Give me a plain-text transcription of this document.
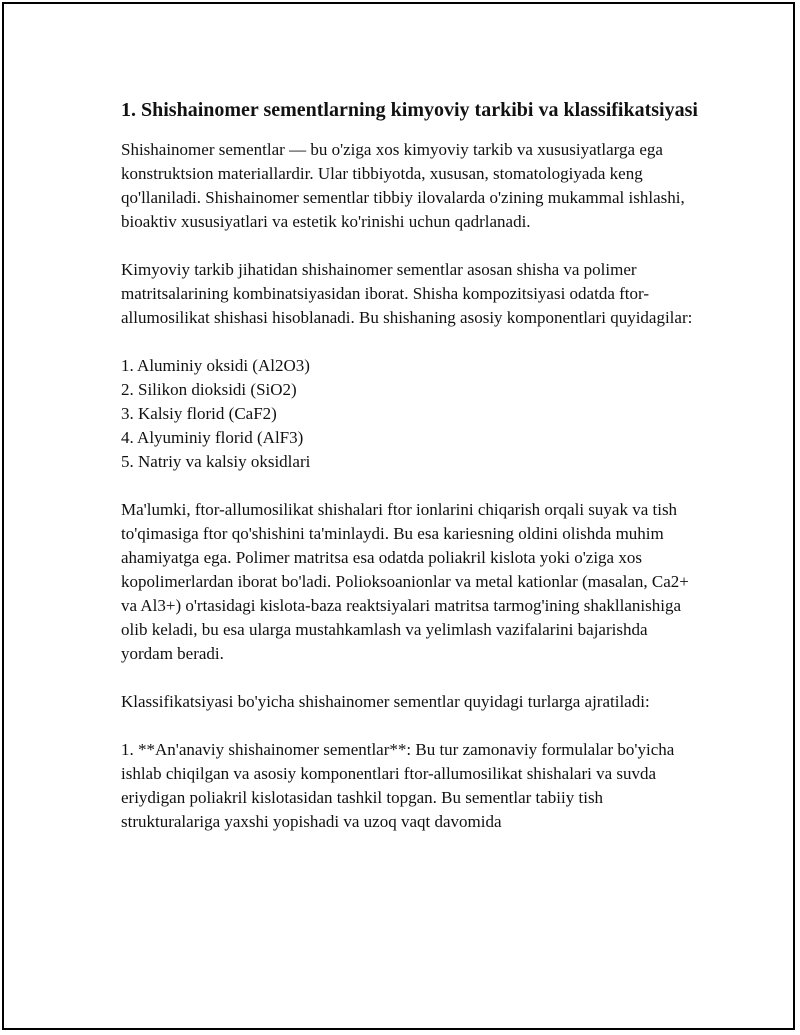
1. Shishainomer sementlarning kimyoviy tarkibi va klassifikatsiyasi

Shishainomer sementlar — bu o'ziga xos kimyoviy tarkib va xususiyatlarga ega konstruktsion materiallardir. Ular tibbiyotda, xususan, stomatologiyada keng qo'llaniladi. Shishainomer sementlar tibbiy ilovalarda o'zining mukammal ishlashi, bioaktiv xususiyatlari va estetik ko'rinishi uchun qadrlanadi.

Kimyoviy tarkib jihatidan shishainomer sementlar asosan shisha va polimer matritsalarining kombinatsiyasidan iborat. Shisha kompozitsiyasi odatda ftor-allumosilikat shishasi hisoblanadi. Bu shishaning asosiy komponentlari quyidagilar:

1. Aluminiy oksidi (Al2O3)
2. Silikon dioksidi (SiO2)
3. Kalsiy florid (CaF2)
4. Alyuminiy florid (AlF3)
5. Natriy va kalsiy oksidlari

Ma'lumki, ftor-allumosilikat shishalari ftor ionlarini chiqarish orqali suyak va tish to'qimasiga ftor qo'shishini ta'minlaydi. Bu esa kariesning oldini olishda muhim ahamiyatga ega. Polimer matritsa esa odatda poliakril kislota yoki o'ziga xos kopolimerlardan iborat bo'ladi. Polioksoanionlar va metal kationlar (masalan, Ca2+ va Al3+) o'rtasidagi kislota-baza reaktsiyalari matritsa tarmog'ining shakllanishiga olib keladi, bu esa ularga mustahkamlash va yelimlash vazifalarini bajarishda yordam beradi.

Klassifikatsiyasi bo'yicha shishainomer sementlar quyidagi turlarga ajratiladi:

1. **An'anaviy shishainomer sementlar**: Bu tur zamonaviy formulalar bo'yicha ishlab chiqilgan va asosiy komponentlari ftor-allumosilikat shishalari va suvda eriydigan poliakril kislotasidan tashkil topgan. Bu sementlar tabiiy tish strukturalariga yaxshi yopishadi va uzoq vaqt davomida
